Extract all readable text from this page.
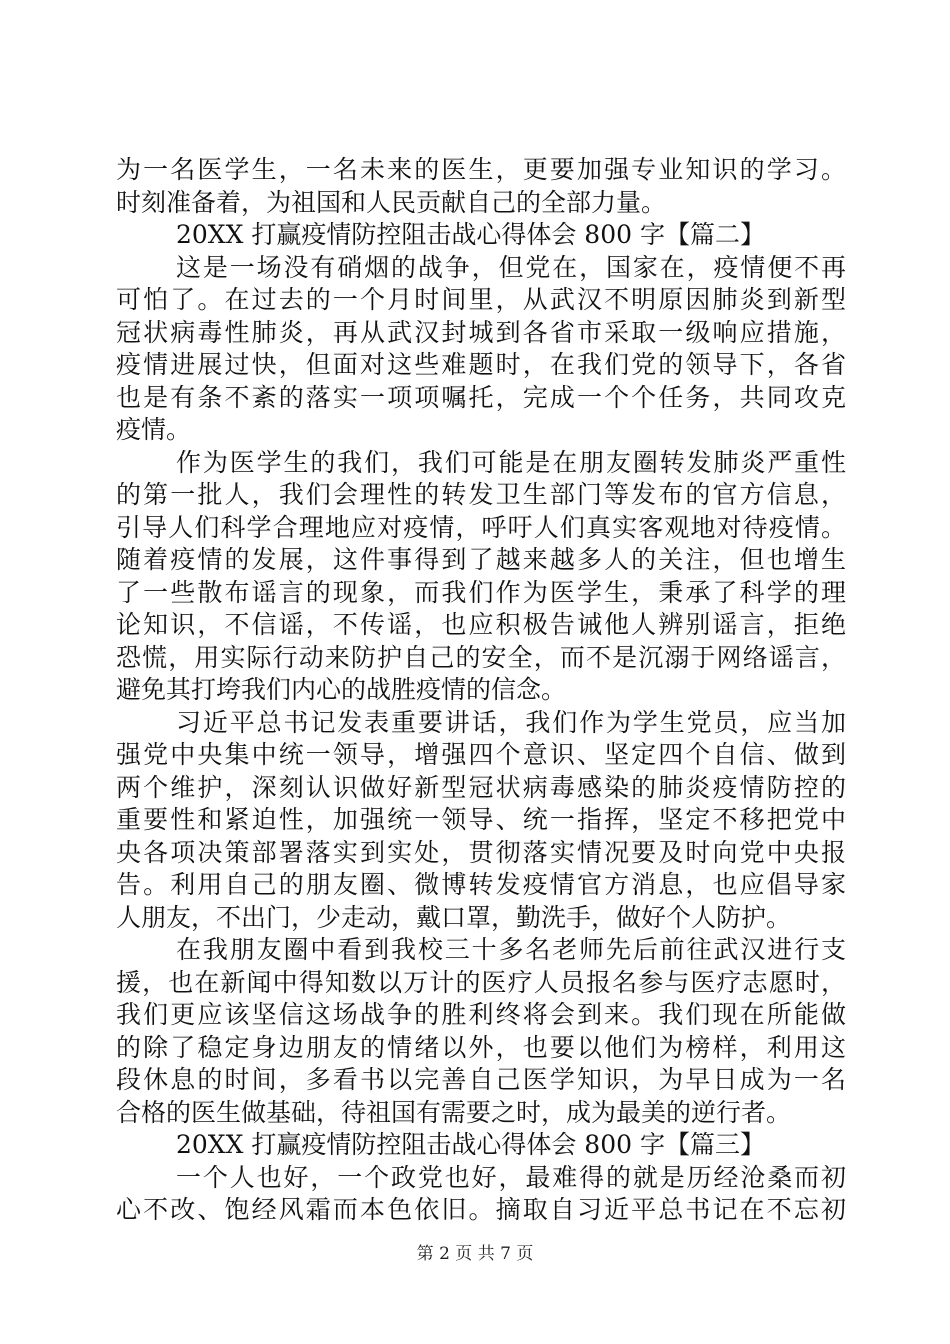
为一名医学生，一名未来的医生，更要加强专业知识的学习。
时刻准备着，为祖国和人民贡献自己的全部力量。
20XX 打赢疫情防控阻击战心得体会 800 字【篇二】
这是一场没有硝烟的战争，但党在，国家在，疫情便不再
可怕了。在过去的一个月时间里，从武汉不明原因肺炎到新型
冠状病毒性肺炎，再从武汉封城到各省市采取一级响应措施，
疫情进展过快，但面对这些难题时，在我们党的领导下，各省
也是有条不紊的落实一项项嘱托，完成一个个任务，共同攻克
疫情。
作为医学生的我们，我们可能是在朋友圈转发肺炎严重性
的第一批人，我们会理性的转发卫生部门等发布的官方信息，
引导人们科学合理地应对疫情，呼吁人们真实客观地对待疫情。
随着疫情的发展，这件事得到了越来越多人的关注，但也增生
了一些散布谣言的现象，而我们作为医学生，秉承了科学的理
论知识，不信谣，不传谣，也应积极告诫他人辨别谣言，拒绝
恐慌，用实际行动来防护自己的安全，而不是沉溺于网络谣言，
避免其打垮我们内心的战胜疫情的信念。
习近平总书记发表重要讲话，我们作为学生党员，应当加
强党中央集中统一领导，增强四个意识、坚定四个自信、做到
两个维护，深刻认识做好新型冠状病毒感染的肺炎疫情防控的
重要性和紧迫性，加强统一领导、统一指挥，坚定不移把党中
央各项决策部署落实到实处，贯彻落实情况要及时向党中央报
告。利用自己的朋友圈、微博转发疫情官方消息，也应倡导家
人朋友，不出门，少走动，戴口罩，勤洗手，做好个人防护。
在我朋友圈中看到我校三十多名老师先后前往武汉进行支
援，也在新闻中得知数以万计的医疗人员报名参与医疗志愿时，
我们更应该坚信这场战争的胜利终将会到来。我们现在所能做
的除了稳定身边朋友的情绪以外，也要以他们为榜样，利用这
段休息的时间，多看书以完善自己医学知识，为早日成为一名
合格的医生做基础，待祖国有需要之时，成为最美的逆行者。
20XX 打赢疫情防控阻击战心得体会 800 字【篇三】
一个人也好，一个政党也好，最难得的就是历经沧桑而初
心不改、饱经风霜而本色依旧。摘取自习近平总书记在不忘初
第 2 页 共 7 页
